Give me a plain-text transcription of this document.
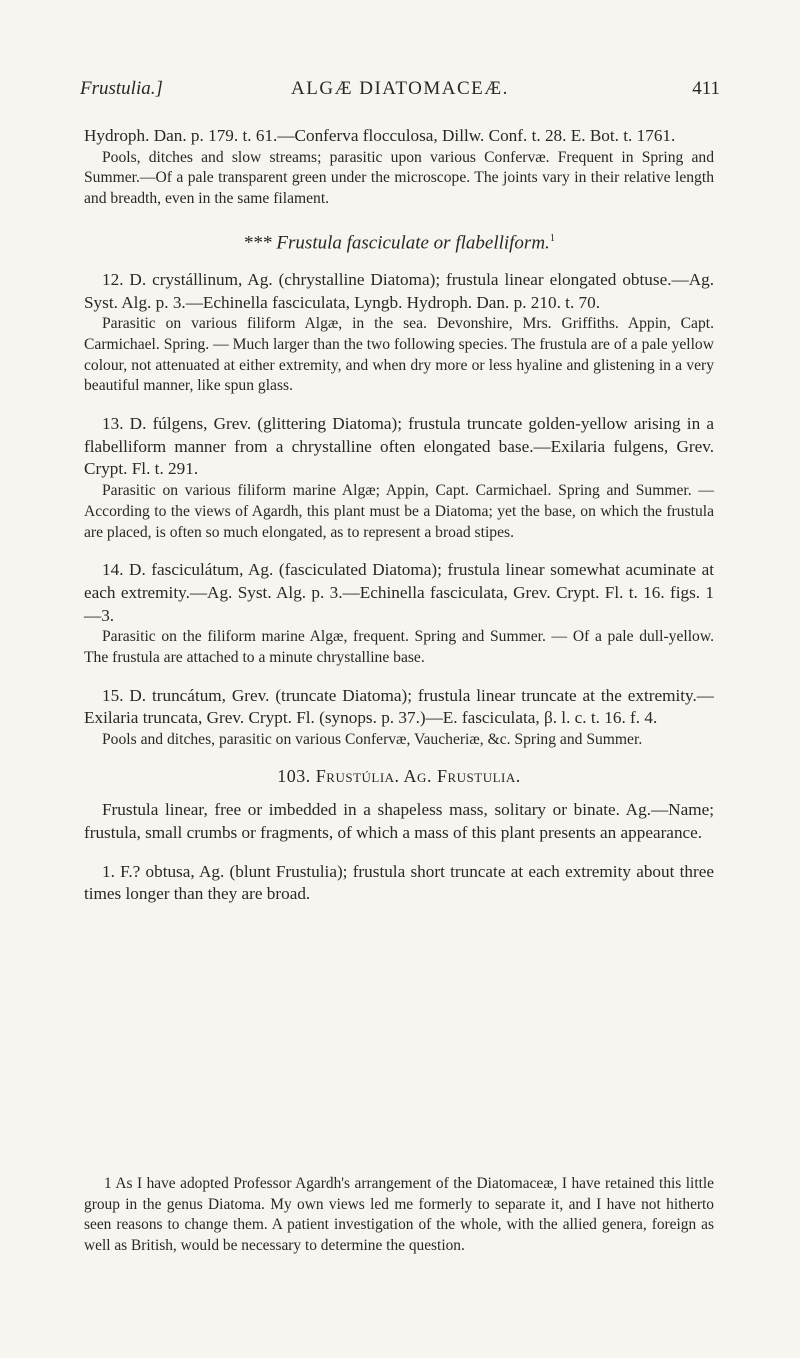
Frustulia.]	ALGÆ DIATOMACEÆ.	411

Hydroph. Dan. p. 179. t. 61.—Conferva flocculosa, Dillw. Conf. t. 28. E. Bot. t. 1761.

Pools, ditches and slow streams; parasitic upon various Confervæ. Frequent in Spring and Summer.—Of a pale transparent green under the microscope. The joints vary in their relative length and breadth, even in the same filament.

*** Frustula fasciculate or flabelliform.$^1$

12. D. crystállinum, Ag. (chrystalline Diatoma); frustula linear elongated obtuse.—Ag. Syst. Alg. p. 3.—Echinella fasciculata, Lyngb. Hydroph. Dan. p. 210. t. 70.

Parasitic on various filiform Algæ, in the sea. Devonshire, Mrs. Griffiths. Appin, Capt. Carmichael. Spring. — Much larger than the two following species. The frustula are of a pale yellow colour, not attenuated at either extremity, and when dry more or less hyaline and glistening in a very beautiful manner, like spun glass.

13. D. fúlgens, Grev. (glittering Diatoma); frustula truncate golden-yellow arising in a flabelliform manner from a chrystalline often elongated base.—Exilaria fulgens, Grev. Crypt. Fl. t. 291.

Parasitic on various filiform marine Algæ; Appin, Capt. Carmichael. Spring and Summer. — According to the views of Agardh, this plant must be a Diatoma; yet the base, on which the frustula are placed, is often so much elongated, as to represent a broad stipes.

14. D. fasciculátum, Ag. (fasciculated Diatoma); frustula linear somewhat acuminate at each extremity.—Ag. Syst. Alg. p. 3.—Echinella fasciculata, Grev. Crypt. Fl. t. 16. figs. 1—3.

Parasitic on the filiform marine Algæ, frequent. Spring and Summer. — Of a pale dull-yellow. The frustula are attached to a minute chrystalline base.

15. D. truncátum, Grev. (truncate Diatoma); frustula linear truncate at the extremity.—Exilaria truncata, Grev. Crypt. Fl. (synops. p. 37.)—E. fasciculata, β. l. c. t. 16. f. 4.

Pools and ditches, parasitic on various Confervæ, Vaucheriæ, &c. Spring and Summer.

103. Frustúlia. Ag. Frustulia.

Frustula linear, free or imbedded in a shapeless mass, solitary or binate. Ag.—Name; frustula, small crumbs or fragments, of which a mass of this plant presents an appearance.

1. F.? obtusa, Ag. (blunt Frustulia); frustula short truncate at each extremity about three times longer than they are broad.

1 As I have adopted Professor Agardh's arrangement of the Diatomaceæ, I have retained this little group in the genus Diatoma. My own views led me formerly to separate it, and I have not hitherto seen reasons to change them. A patient investigation of the whole, with the allied genera, foreign as well as British, would be necessary to determine the question.
